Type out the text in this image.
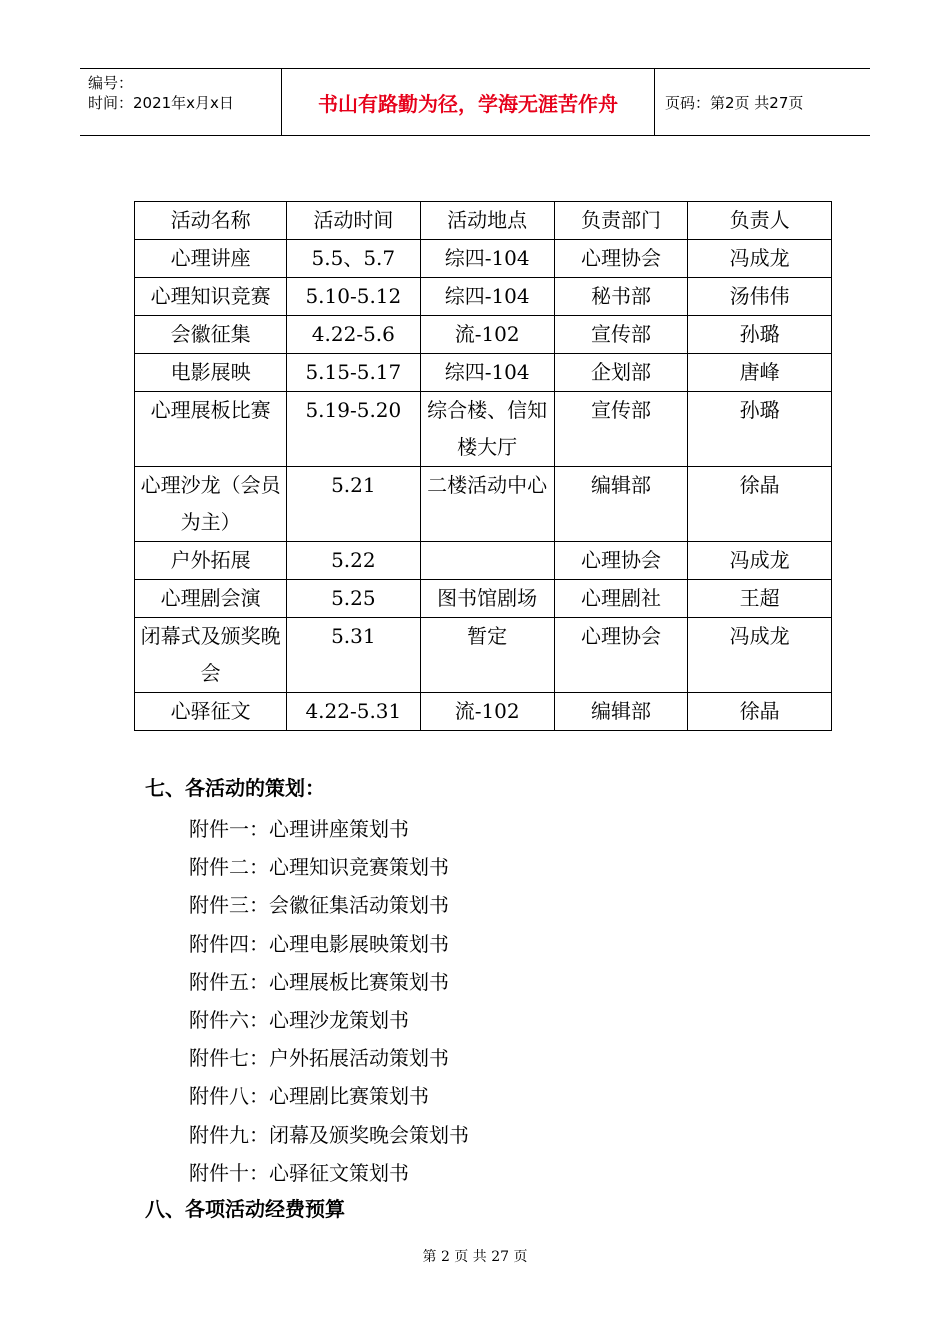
编号：
时间：2021年x月x日	书山有路勤为径，学海无涯苦作舟	页码：第2页 共27页
活动名称	活动时间	活动地点	负责部门	负责人
心理讲座	5.5、5.7	综四-104	心理协会	冯成龙
心理知识竞赛	5.10-5.12	综四-104	秘书部	汤伟伟
会徽征集	4.22-5.6	流-102	宣传部	孙璐
电影展映	5.15-5.17	综四-104	企划部	唐峰
心理展板比赛	5.19-5.20	综合楼、信知楼大厅	宣传部	孙璐
心理沙龙（会员为主）	5.21	二楼活动中心	编辑部	徐晶
户外拓展	5.22		心理协会	冯成龙
心理剧会演	5.25	图书馆剧场	心理剧社	王超
闭幕式及颁奖晚会	5.31	暂定	心理协会	冯成龙
心驿征文	4.22-5.31	流-102	编辑部	徐晶
七、各活动的策划：
附件一：心理讲座策划书
附件二：心理知识竞赛策划书
附件三：会徽征集活动策划书
附件四：心理电影展映策划书
附件五：心理展板比赛策划书
附件六：心理沙龙策划书
附件七：户外拓展活动策划书
附件八：心理剧比赛策划书
附件九：闭幕及颁奖晚会策划书
附件十：心驿征文策划书
八、各项活动经费预算
第 2 页 共 27 页
